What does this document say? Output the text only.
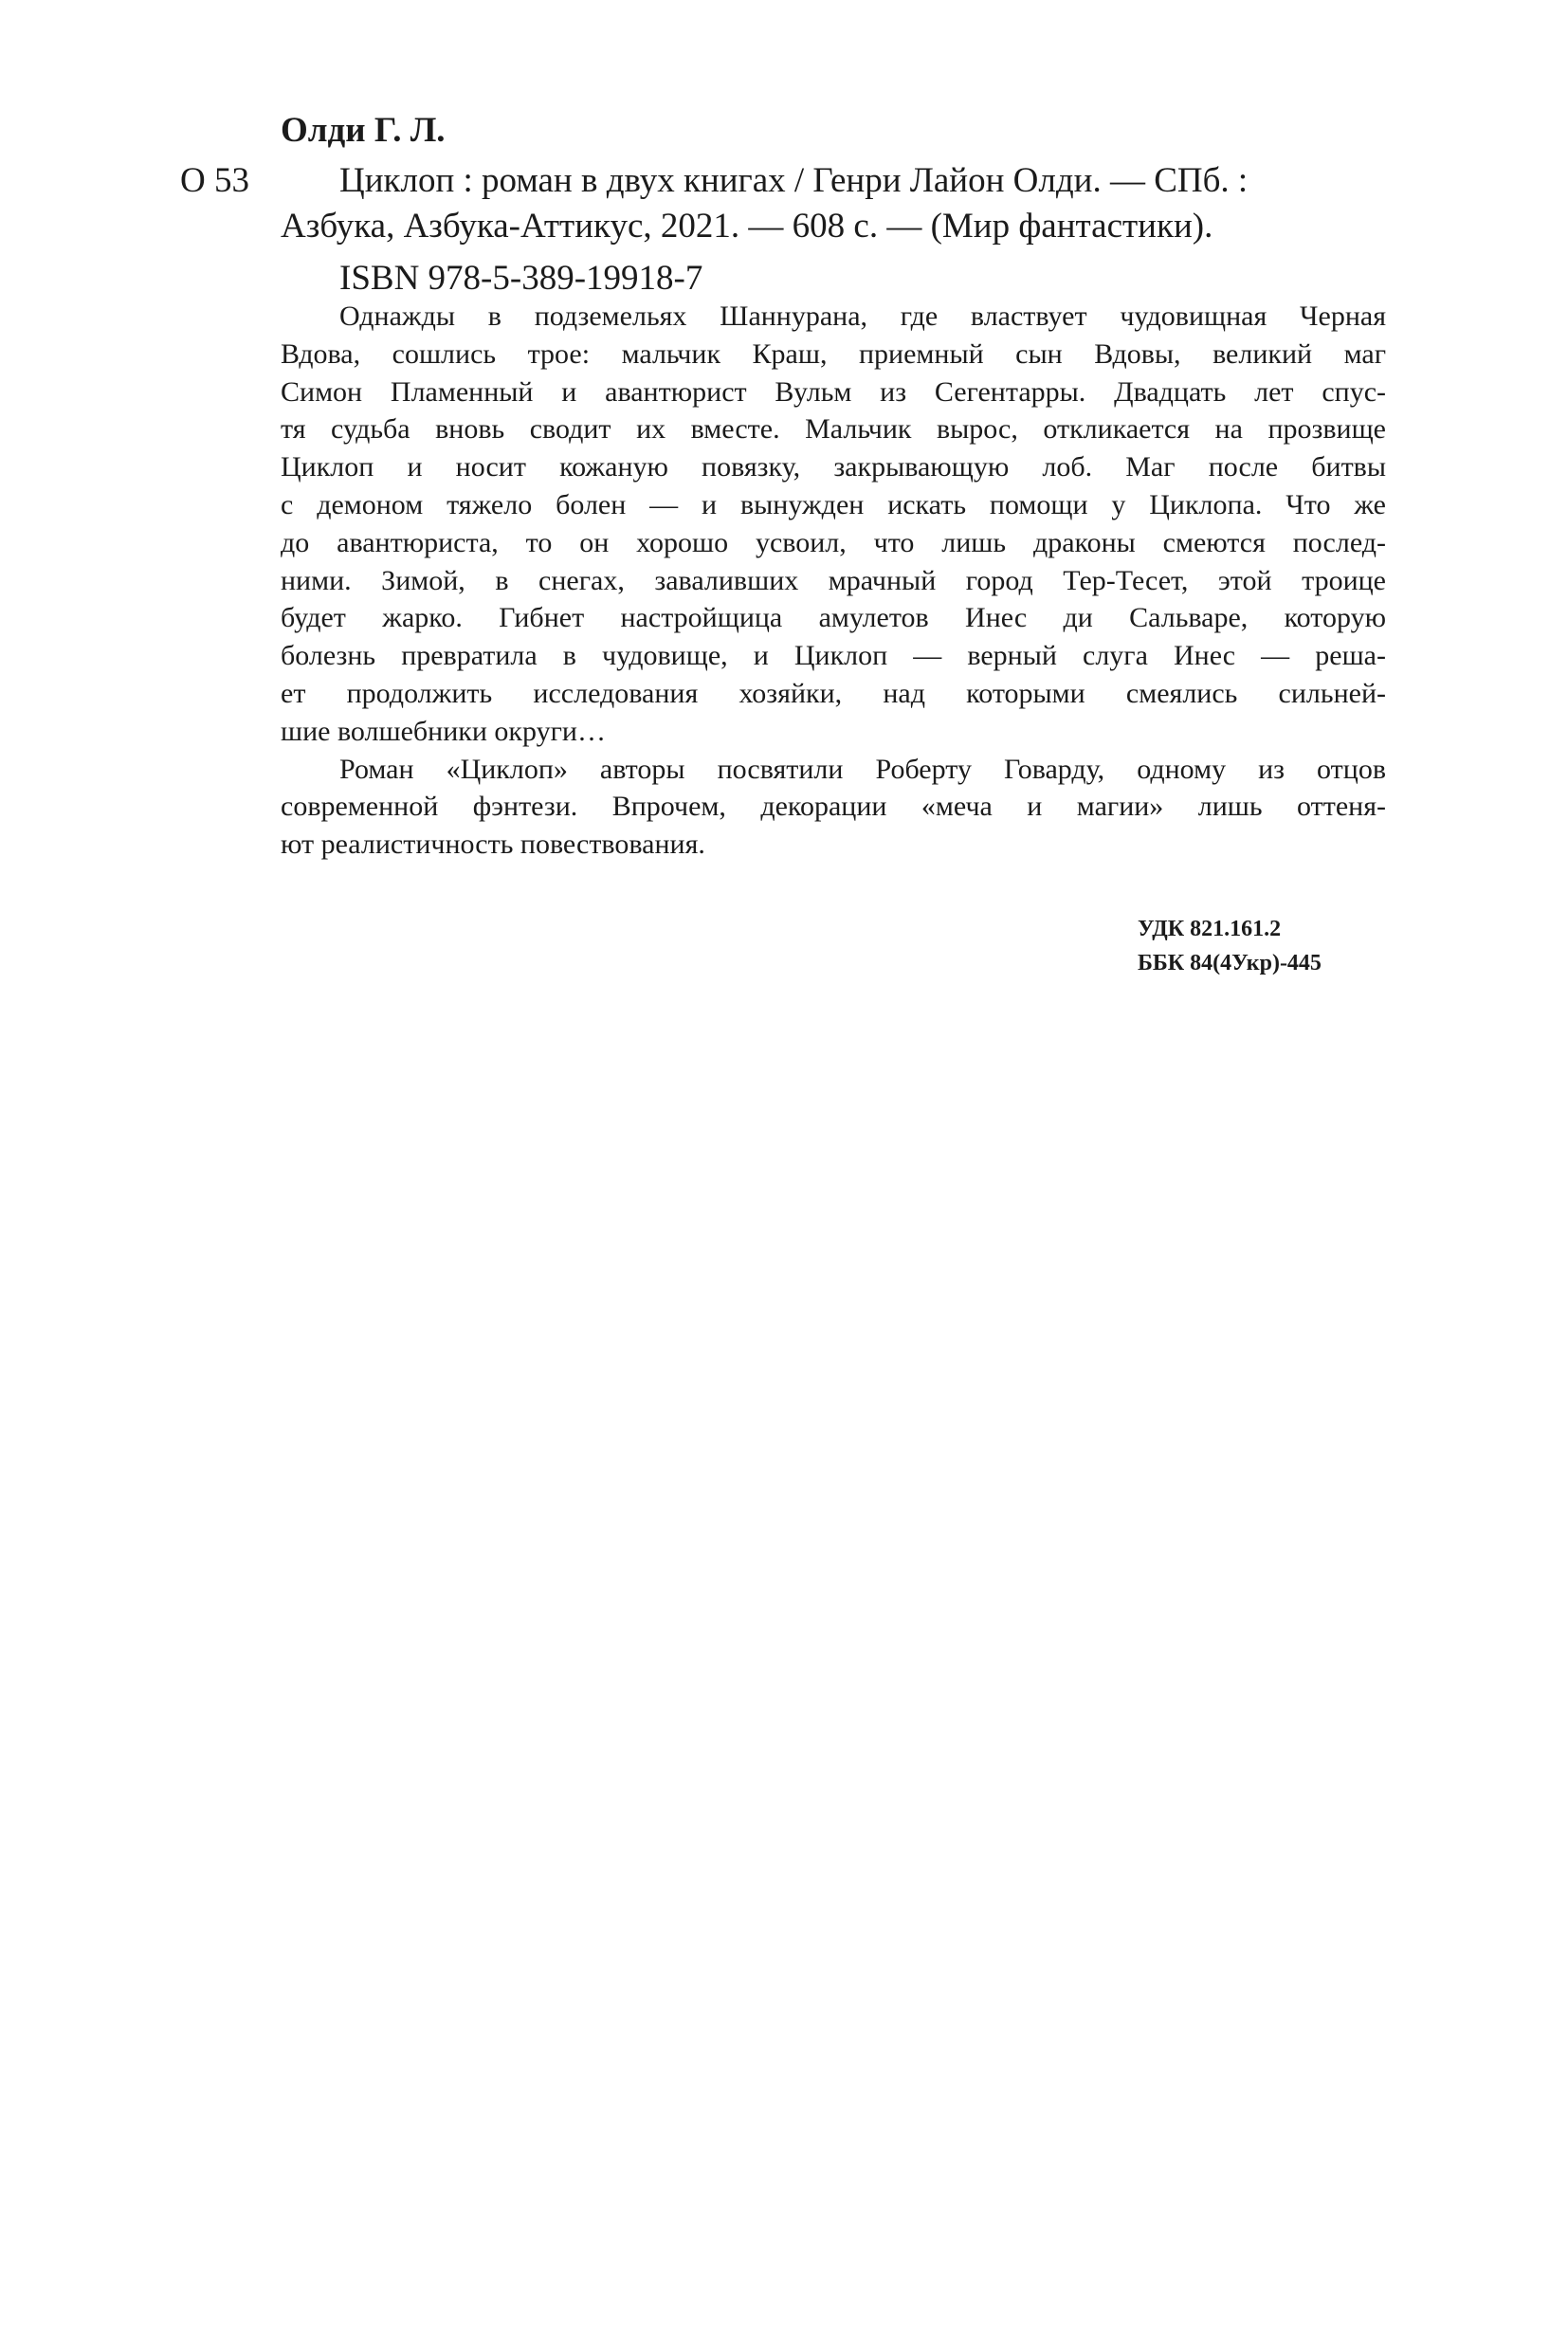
Олди Г. Л.
О 53	Циклоп : роман в двух книгах / Генри Лайон Олди. — СПб. :
Азбука, Азбука-Аттикус, 2021. — 608 с. — (Мир фантастики).
ISBN 978-5-389-19918-7

Однажды в подземельях Шаннурана, где властвует чудовищная Черная
Вдова, сошлись трое: мальчик Краш, приемный сын Вдовы, великий маг
Симон Пламенный и авантюрист Вульм из Сегентарры. Двадцать лет спус-
тя судьба вновь сводит их вместе. Мальчик вырос, откликается на прозвище
Циклоп и носит кожаную повязку, закрывающую лоб. Маг после битвы
с демоном тяжело болен — и вынужден искать помощи у Циклопа. Что же
до авантюриста, то он хорошо усвоил, что лишь драконы смеются послед-
ними. Зимой, в снегах, заваливших мрачный город Тер-Тесет, этой троице
будет жарко. Гибнет настройщица амулетов Инес ди Сальваре, которую
болезнь превратила в чудовище, и Циклоп — верный слуга Инес — реша-
ет продолжить исследования хозяйки, над которыми смеялись сильней-
шие волшебники округи…

Роман «Циклоп» авторы посвятили Роберту Говарду, одному из отцов
современной фэнтези. Впрочем, декорации «меча и магии» лишь оттеня-
ют реалистичность повествования.

УДК 821.161.2
ББК 84(4Укр)-445
